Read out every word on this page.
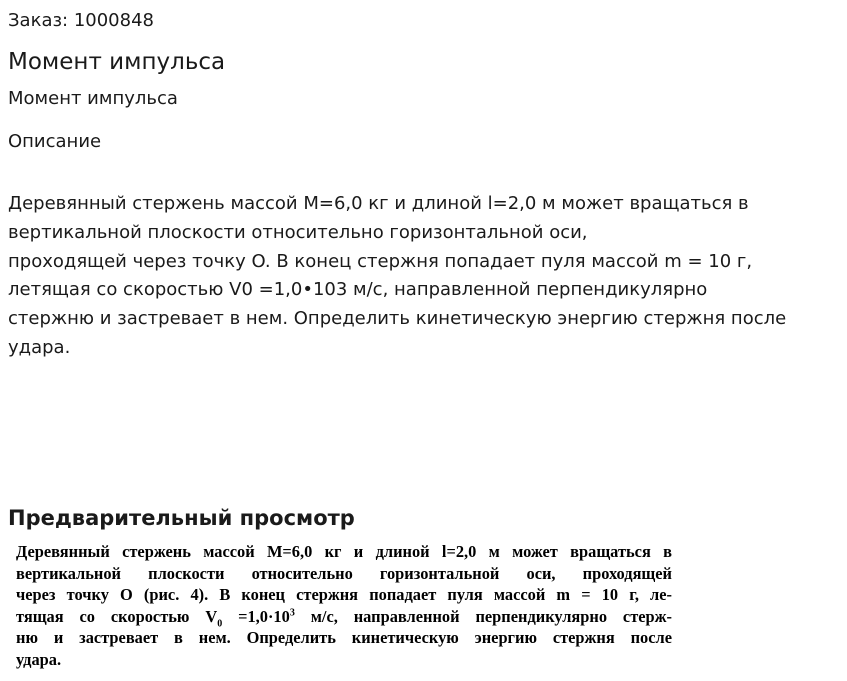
Заказ: 1000848
Момент импульса
Момент импульса
Описание
Деревянный стержень массой M=6,0 кг и длиной l=2,0 м может вращаться в
вертикальной плоскости относительно горизонтальной оси,
проходящей через точку O. В конец стержня попадает пуля массой m = 10 г,
летящая со скоростью V0 =1,0•103 м/с, направленной перпендикулярно
стержню и застревает в нем. Определить кинетическую энергию стержня после
удара.
Предварительный просмотр
Деревянный стержень массой M=6,0 кг и длиной l=2,0 м может вращаться в
вертикальной плоскости относительно горизонтальной оси, проходящей
через точку О (рис. 4). В конец стержня попадает пуля массой m = 10 г, ле-
тящая со скоростью $V_0 =1,0\cdot 10^3$ м/с, направленной перпендикулярно стерж-
ню и застревает в нем. Определить кинетическую энергию стержня после
удара.
